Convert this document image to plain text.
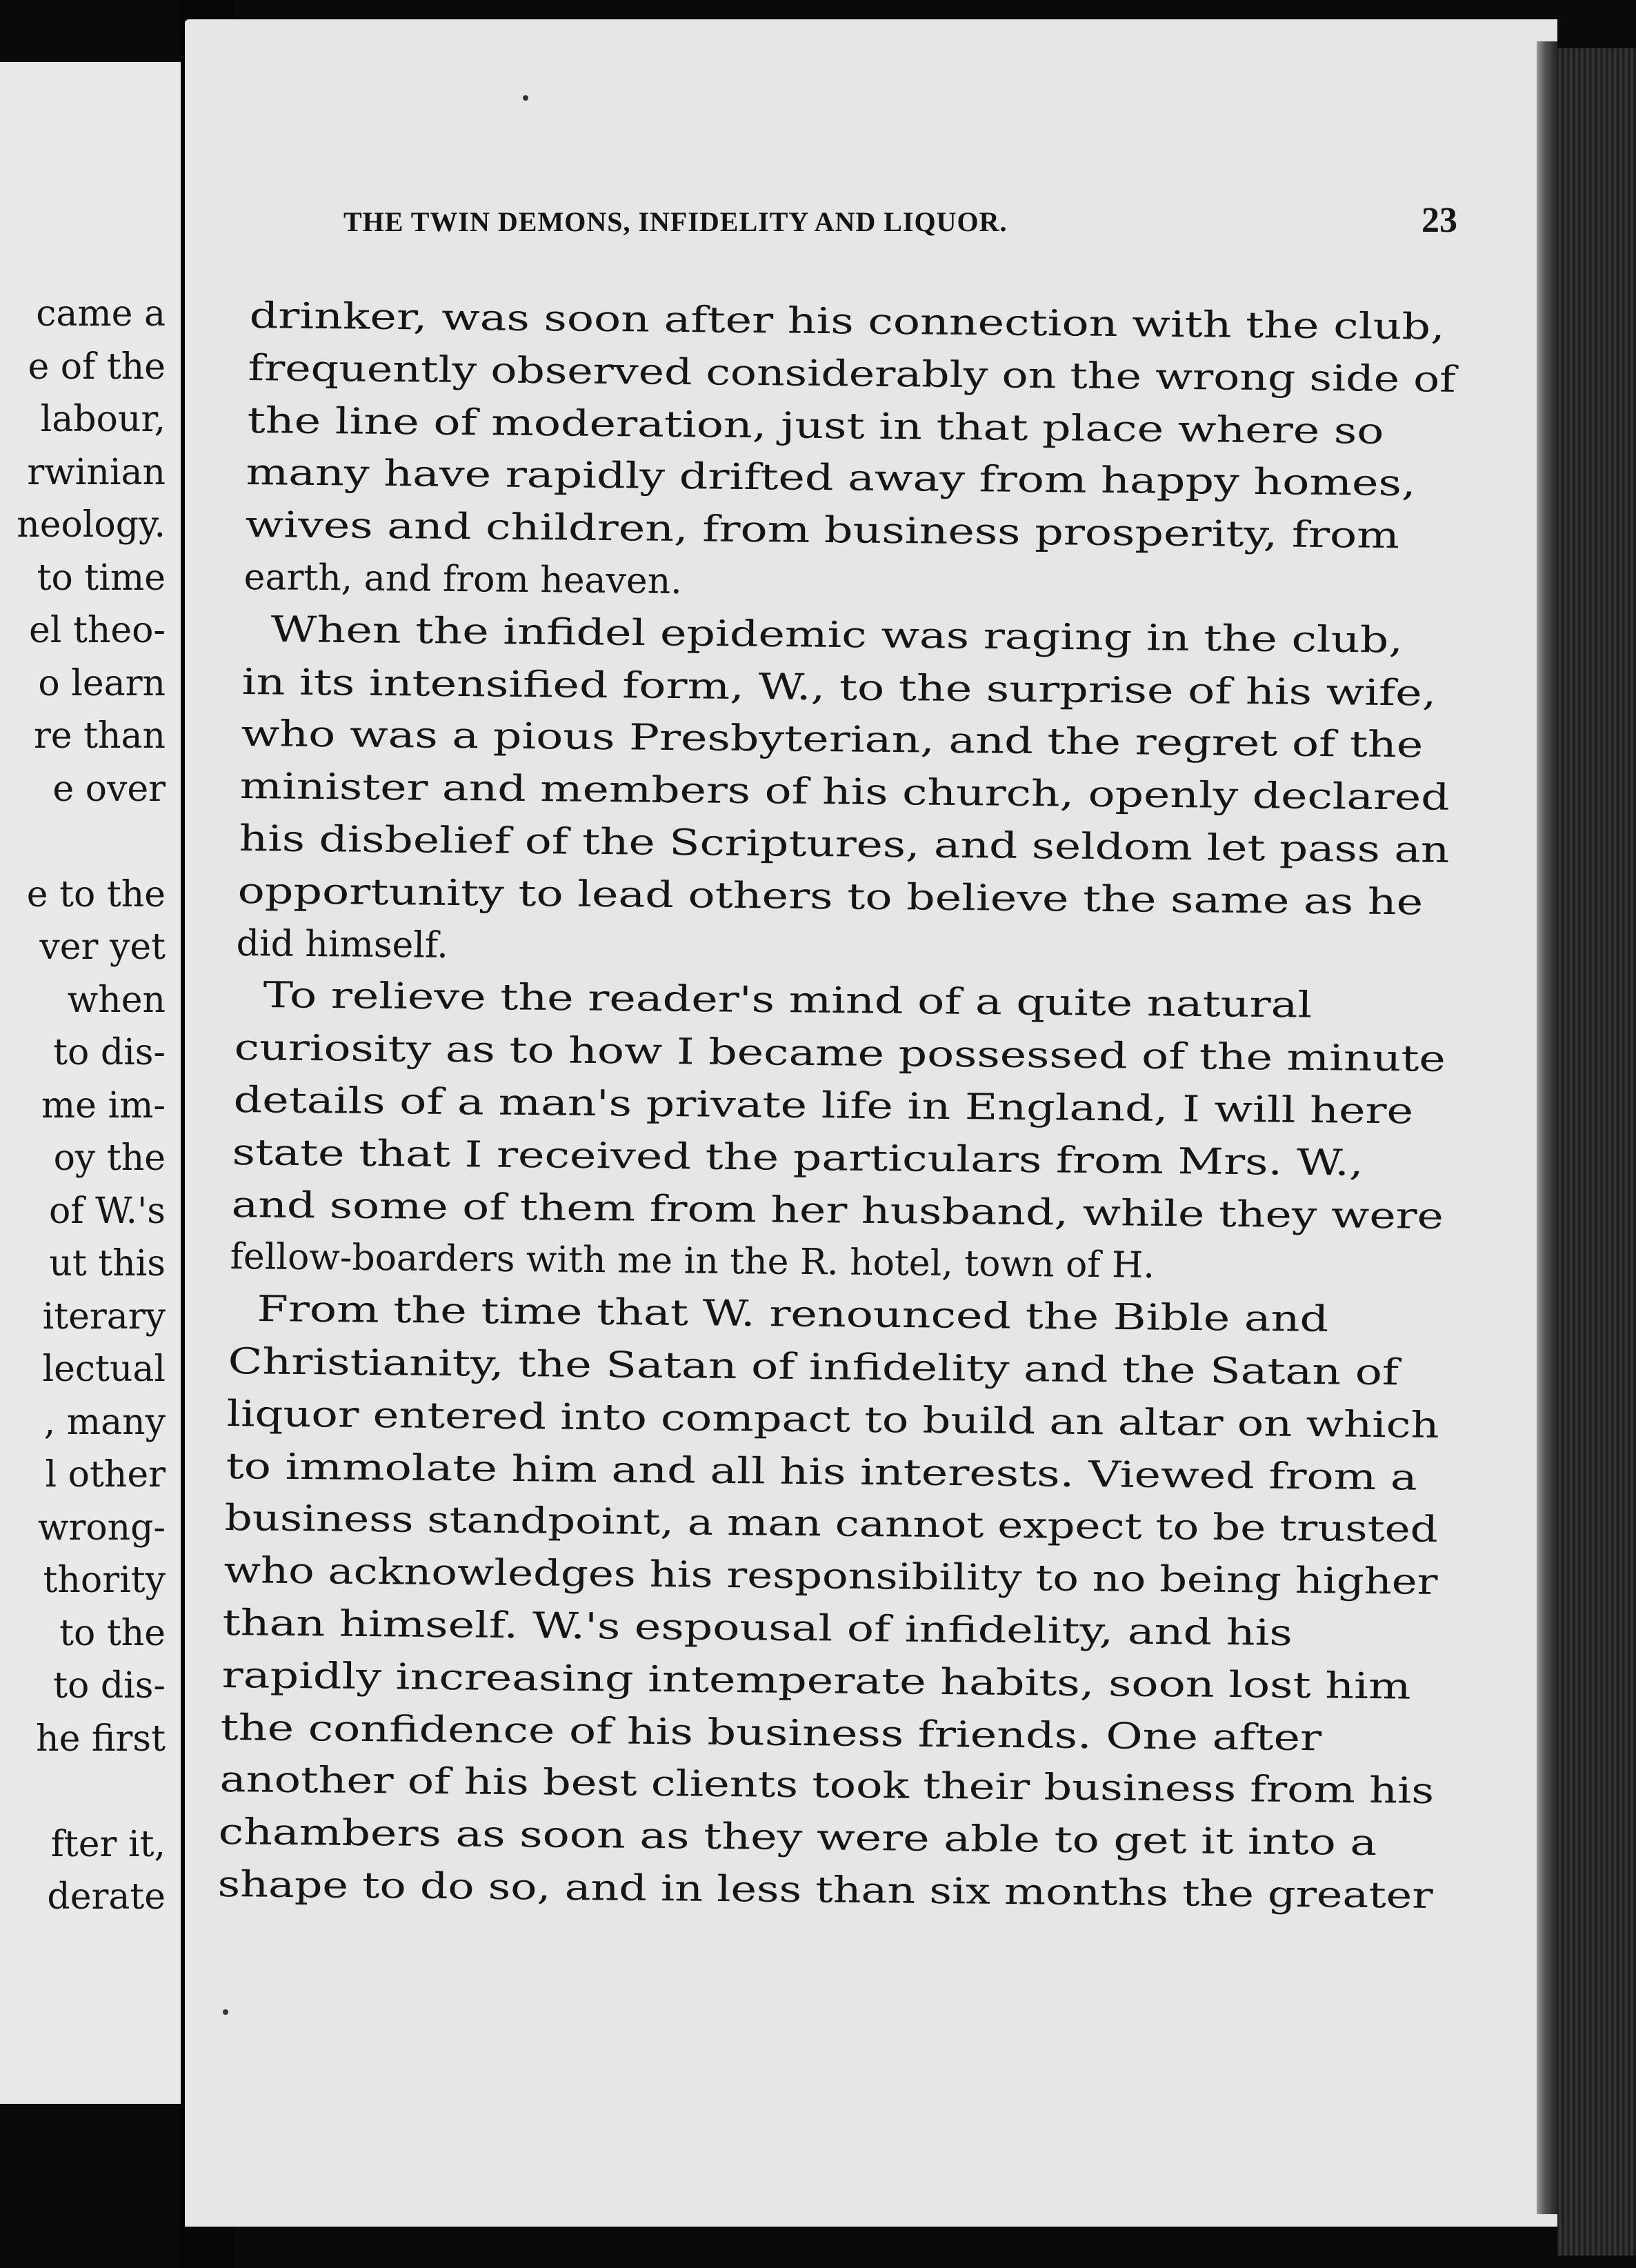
came a
e of the
labour,
rwinian
neology.
to time
el theo-
o learn
re than
e over
e to the
ver yet
when
to dis-
me im-
oy the
of W.'s
ut this
iterary
lectual
, many
l other
wrong-
thority
to the
to dis-
he first
fter it,
derate
THE TWIN DEMONS, INFIDELITY AND LIQUOR.	23
drinker, was soon after his connection with the club,
frequently observed considerably on the wrong side of
the line of moderation, just in that place where so
many have rapidly drifted away from happy homes,
wives and children, from business prosperity, from
earth, and from heaven.
When the infidel epidemic was raging in the club,
in its intensified form, W., to the surprise of his wife,
who was a pious Presbyterian, and the regret of the
minister and members of his church, openly declared
his disbelief of the Scriptures, and seldom let pass an
opportunity to lead others to believe the same as he
did himself.
To relieve the reader's mind of a quite natural
curiosity as to how I became possessed of the minute
details of a man's private life in England, I will here
state that I received the particulars from Mrs. W.,
and some of them from her husband, while they were
fellow-boarders with me in the R. hotel, town of H.
From the time that W. renounced the Bible and
Christianity, the Satan of infidelity and the Satan of
liquor entered into compact to build an altar on which
to immolate him and all his interests. Viewed from a
business standpoint, a man cannot expect to be trusted
who acknowledges his responsibility to no being higher
than himself. W.'s espousal of infidelity, and his
rapidly increasing intemperate habits, soon lost him
the confidence of his business friends. One after
another of his best clients took their business from his
chambers as soon as they were able to get it into a
shape to do so, and in less than six months the greater
